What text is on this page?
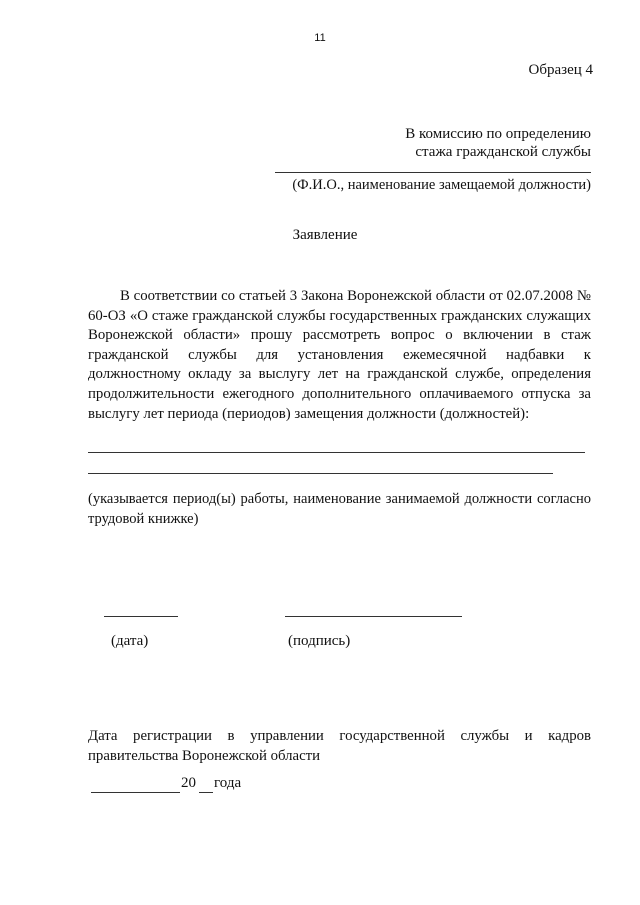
11
Образец 4
В комиссию по определению
стажа гражданской службы
(Ф.И.О., наименование замещаемой должности)
Заявление

В соответствии со статьей 3 Закона Воронежской области от 02.07.2008 № 60-ОЗ «О стаже гражданской службы государственных гражданских служащих Воронежской области» прошу рассмотреть вопрос о включении в стаж гражданской службы для установления ежемесячной надбавки к должностному окладу за выслугу лет на гражданской службе, определения продолжительности ежегодного дополнительного оплачиваемого отпуска за выслугу лет периода (периодов) замещения должности (должностей):

(указывается период(ы) работы, наименование занимаемой должности согласно трудовой книжке)

(дата)	(подпись)

Дата регистрации в управлении государственной службы и кадров правительства Воронежской области

20 года
